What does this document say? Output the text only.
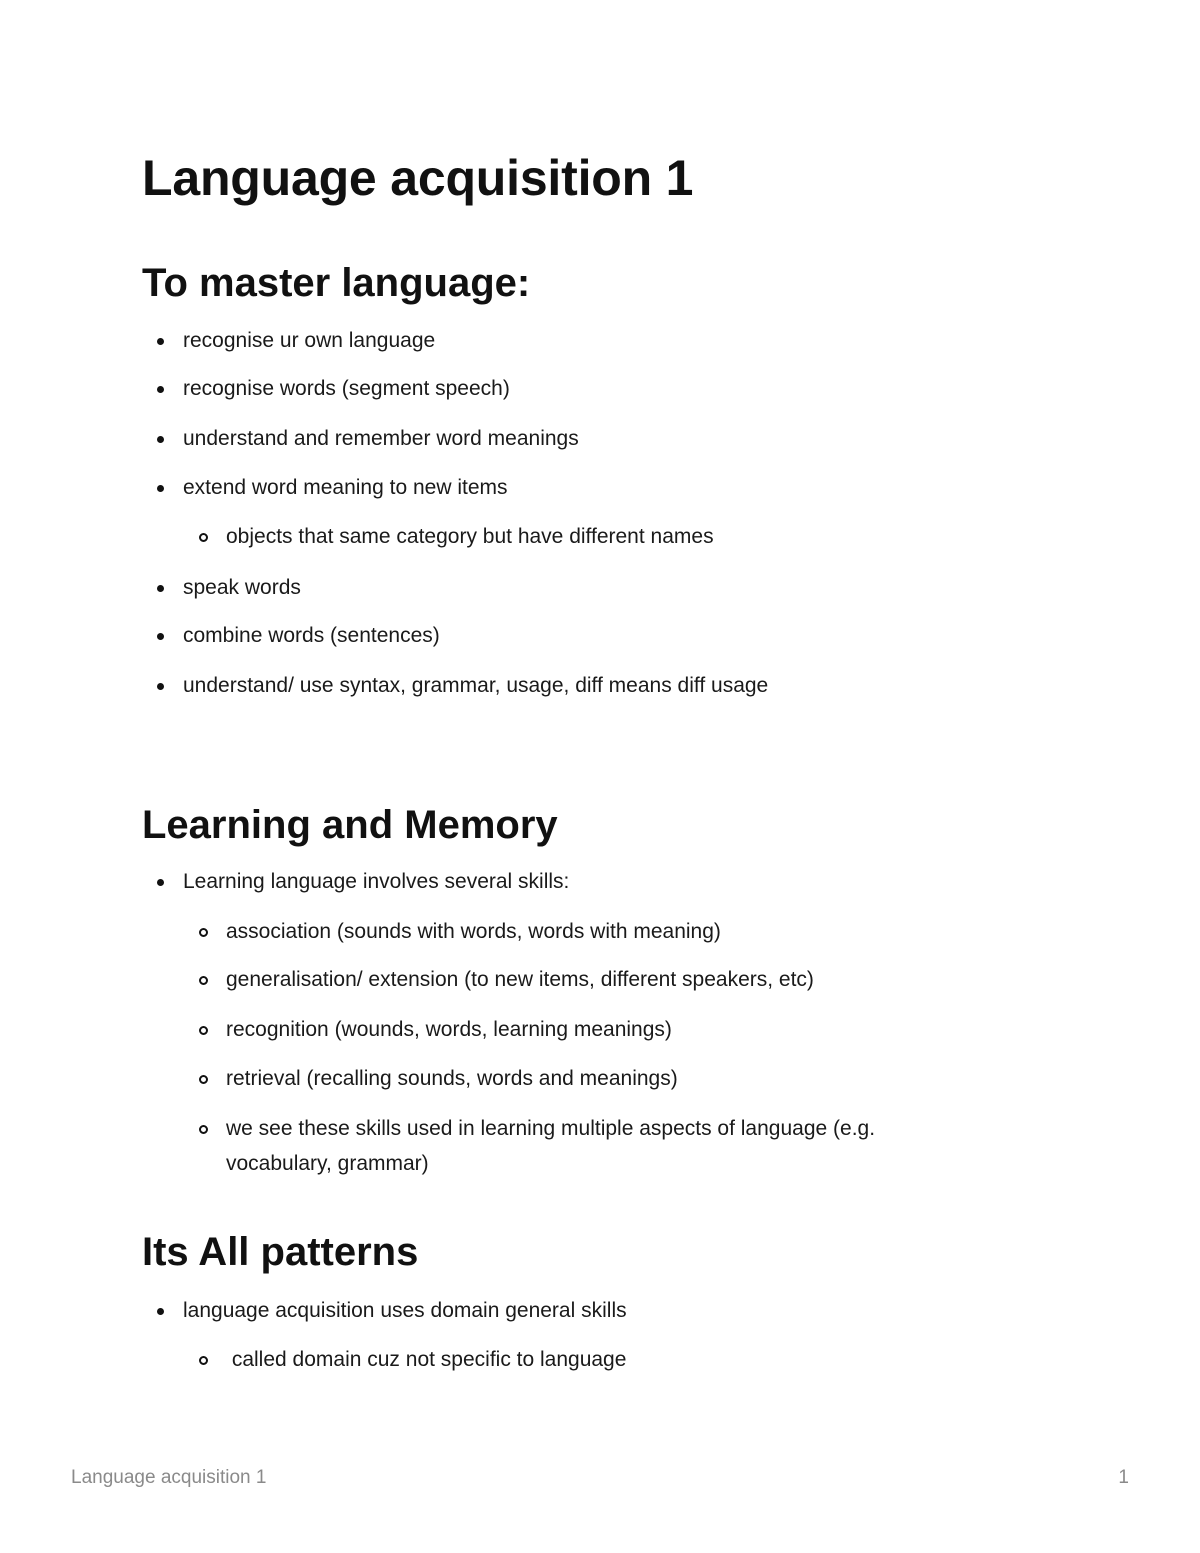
Language acquisition 1
To master language:
recognise ur own language
recognise words (segment speech)
understand and remember word meanings
extend word meaning to new items
objects that same category but have different names
speak words
combine words (sentences)
understand/ use syntax, grammar, usage, diff means diff usage
Learning and Memory
Learning language involves several skills:
association (sounds with words, words with meaning)
generalisation/ extension (to new items, different speakers, etc)
recognition (wounds, words, learning meanings)
retrieval (recalling sounds, words and meanings)
we see these skills used in learning multiple aspects of language (e.g.
vocabulary, grammar)
Its All patterns
language acquisition uses domain general skills
called domain cuz not specific to language
Language acquisition 1	1
